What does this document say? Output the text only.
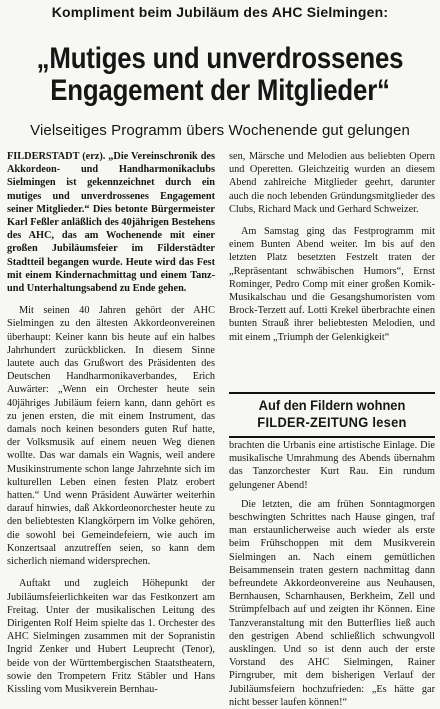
Kompliment beim Jubiläum des AHC Sielmingen:
„Mutiges und unverdrossenes
Engagement der Mitglieder“
Vielseitiges Programm übers Wochenende gut gelungen

FILDERSTADT (erz). „Die Vereinschronik des Akkordeon- und Handharmonikaclubs Sielmingen ist gekennzeichnet durch ein mutiges und unverdrossenes Engagement seiner Mitglieder.“ Dies betonte Bürgermeister Karl Feßler anläßlich des 40jährigen Bestehens des AHC, das am Wochenende mit einer großen Jubiläumsfeier im Filderstädter Stadtteil begangen wurde. Heute wird das Fest mit einem Kindernachmittag und einem Tanz- und Unterhaltungsabend zu Ende gehen.

Mit seinen 40 Jahren gehört der AHC Sielmingen zu den ältesten Akkordeonvereinen überhaupt: Keiner kann bis heute auf ein halbes Jahrhundert zurückblicken. In diesem Sinne lautete auch das Grußwort des Präsidenten des Deutschen Handharmonikaverbandes, Erich Auwärter: „Wenn ein Orchester heute sein 40jähriges Jubiläum feiern kann, dann gehört es zu jenen ersten, die mit einem Instrument, das damals noch keinen besonders guten Ruf hatte, der Volksmusik auf einem neuen Weg dienen wollte. Das war damals ein Wagnis, weil andere Musikinstrumente schon lange Jahrzehnte sich im kulturellen Leben einen festen Platz erobert hatten.“ Und wenn Präsident Auwärter weiterhin darauf hinwies, daß Akkordeonorchester heute zu den beliebtesten Klangkörpern im Volke gehören, die sowohl bei Gemeindefeiern, wie auch im Konzertsaal anzutreffen seien, so kann dem sicherlich niemand widersprechen.

Auftakt und zugleich Höhepunkt der Jubiläumsfeierlichkeiten war das Festkonzert am Freitag. Unter der musikalischen Leitung des Dirigenten Rolf Heim spielte das 1. Orchester des AHC Sielmingen zusammen mit der Sopranistin Ingrid Zenker und Hubert Leuprecht (Tenor), beide von der Württembergischen Staatstheatern, sowie den Trompetern Fritz Stäbler und Hans Kissling vom Musikverein Bernhau-

sen, Märsche und Melodien aus beliebten Opern und Operetten. Gleichzeitig wurden an diesem Abend zahlreiche Mitglieder geehrt, darunter auch die noch lebenden Gründungsmitglieder des Clubs, Richard Mack und Gerhard Schweizer.

Am Samstag ging das Festprogramm mit einem Bunten Abend weiter. Im bis auf den letzten Platz besetzten Festzelt traten der „Repräsentant schwäbischen Humors“, Ernst Rominger, Pedro Comp mit einer großen Komik-Musikalschau und die Gesangshumoristen vom Brock-Terzett auf. Lotti Krekel überbrachte einen bunten Strauß ihrer beliebtesten Melodien, und mit einem „Triumph der Gelenkigkeit“

Auf den Fildern wohnen
FILDER-ZEITUNG lesen

brachten die Urbanis eine artistische Einlage. Die musikalische Umrahmung des Abends übernahm das Tanzorchester Kurt Rau. Ein rundum gelungener Abend!

Die letzten, die am frühen Sonntagmorgen beschwingten Schrittes nach Hause gingen, traf man erstaunlicherweise auch wieder als erste beim Frühschoppen mit dem Musikverein Sielmingen an. Nach einem gemütlichen Beisammensein traten gestern nachmittag dann befreundete Akkordeonvereine aus Neuhausen, Bernhausen, Scharnhausen, Berkheim, Zell und Strümpfelbach auf und zeigten ihr Können. Eine Tanzveranstaltung mit den Butterflies ließ auch den gestrigen Abend schließlich schwungvoll ausklingen. Und so ist denn auch der erste Vorstand des AHC Sielmingen, Rainer Pirngruber, mit dem bisherigen Verlauf der Jubiläumsfeiern hochzufrieden: „Es hätte gar nicht besser laufen können!“
